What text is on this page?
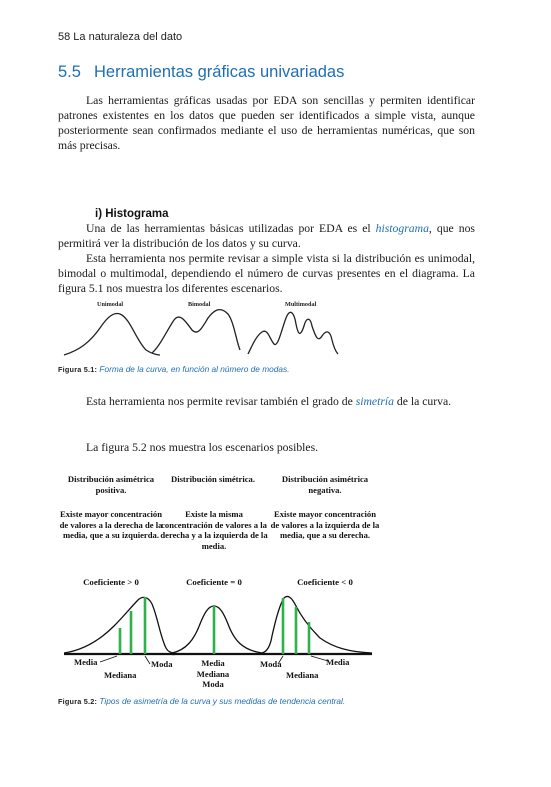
58 La naturaleza del dato
5.5 Herramientas gráficas univariadas
Las herramientas gráficas usadas por EDA son sencillas y permiten identificar patrones existentes en los datos que pueden ser identificados a simple vista, aunque posteriormente sean confirmados mediante el uso de herramientas numéricas, que son más precisas.
i) Histograma
Una de las herramientas básicas utilizadas por EDA es el histograma, que nos permitirá ver la distribución de los datos y su curva.
Esta herramienta nos permite revisar a simple vista si la distribución es unimodal, bimodal o multimodal, dependiendo el número de curvas presentes en el diagrama. La figura 5.1 nos muestra los diferentes escenarios.
Unimodal	Bimodal	Multimodal
Figura 5.1: Forma de la curva, en función al número de modas.
Esta herramienta nos permite revisar también el grado de simetría de la curva.
La figura 5.2 nos muestra los escenarios posibles.
Distribución asimétrica positiva.
Distribución simétrica.	Distribución asimétrica negativa.
Existe mayor concentración de valores a la derecha de la media, que a su izquierda.
Existe la misma concentración de valores a la derecha y a la izquierda de la media.
Existe mayor concentración de valores a la izquierda de la media, que a su derecha.
Coeficiente > 0	Coeficiente = 0	Coeficiente < 0
Media
Mediana
Moda	Media
Mediana
Moda
Moda
Mediana
Media
Figura 5.2: Tipos de asimetría de la curva y sus medidas de tendencia central.
